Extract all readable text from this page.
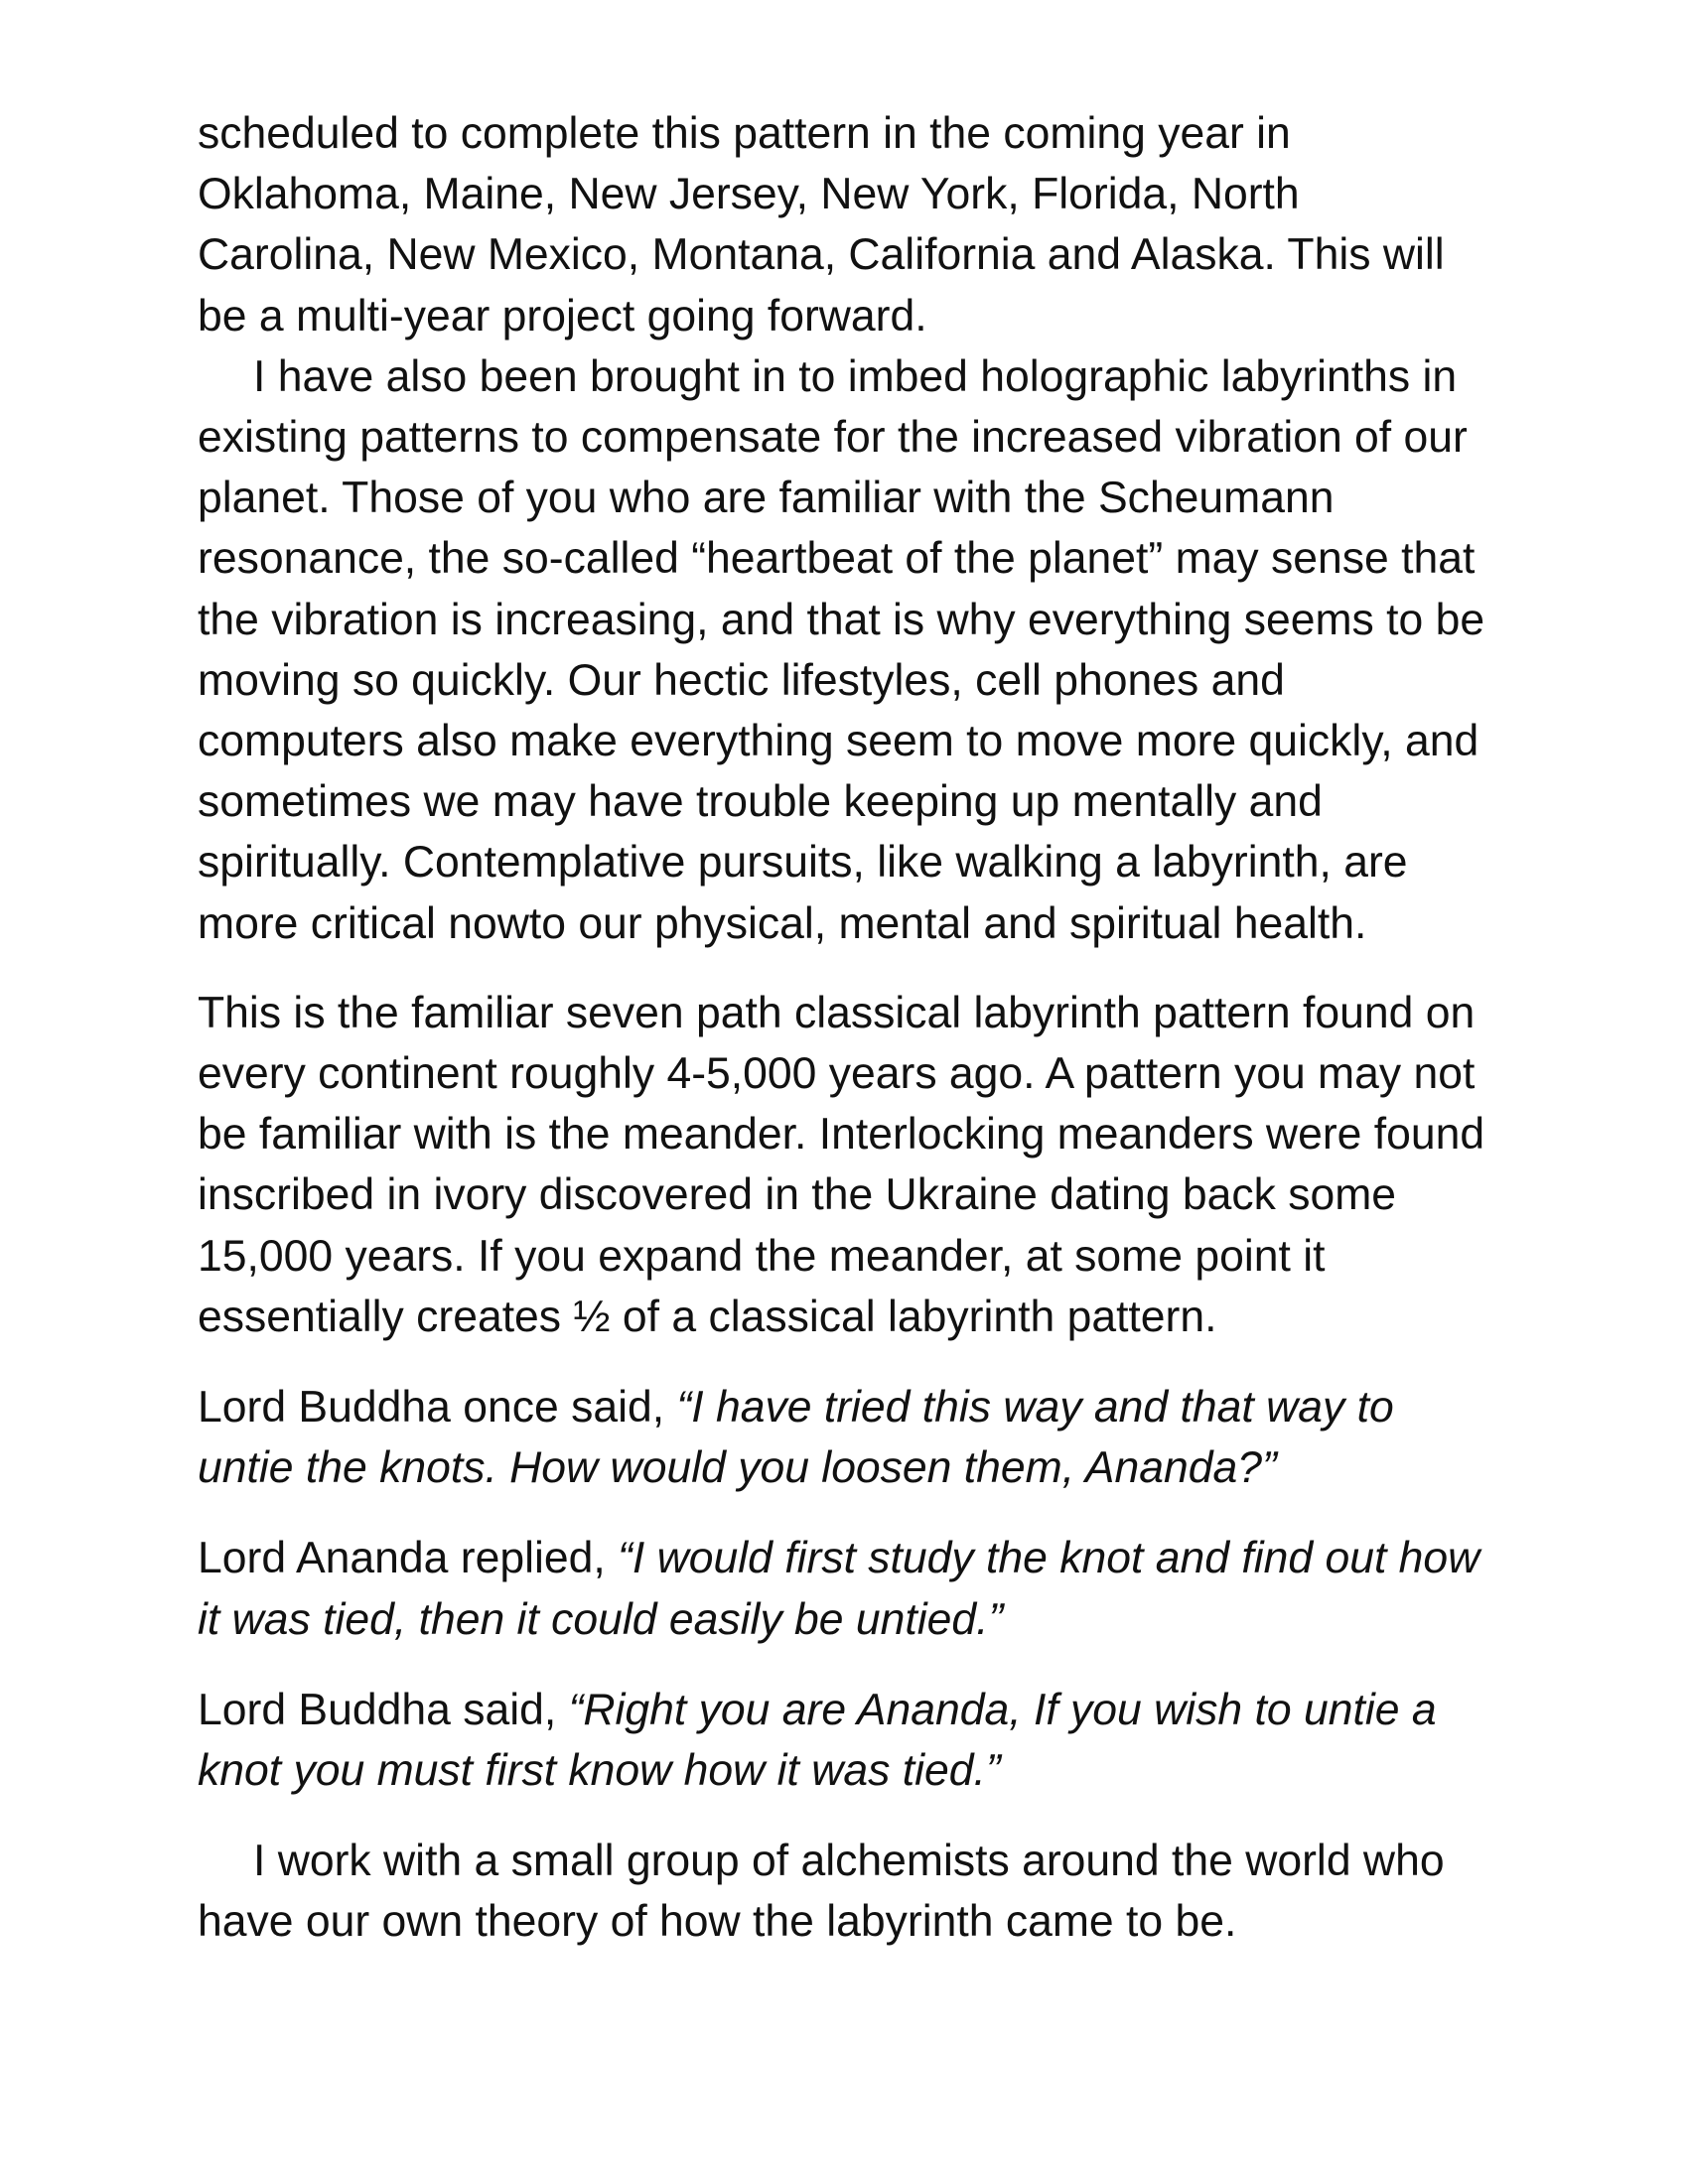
scheduled to complete this pattern in the coming year in Oklahoma, Maine, New Jersey, New York, Florida, North Carolina, New Mexico, Montana, California and Alaska. This will be a multi-year project going forward.

I have also been brought in to imbed holographic labyrinths in existing patterns to compensate for the increased vibration of our planet. Those of you who are familiar with the Scheumann resonance, the so-called “heartbeat of the planet” may sense that the vibration is increasing, and that is why everything seems to be moving so quickly. Our hectic lifestyles, cell phones and computers also make everything seem to move more quickly, and sometimes we may have trouble keeping up mentally and spiritually. Contemplative pursuits, like walking a labyrinth, are more critical nowto our physical, mental and spiritual health.

This is the familiar seven path classical labyrinth pattern found on every continent roughly 4-5,000 years ago. A pattern you may not be familiar with is the meander. Interlocking meanders were found inscribed in ivory discovered in the Ukraine dating back some 15,000 years. If you expand the meander, at some point it essentially creates ½ of a classical labyrinth pattern.

Lord Buddha once said, “I have tried this way and that way to untie the knots. How would you loosen them, Ananda?”

Lord Ananda replied, “I would first study the knot and find out how it was tied, then it could easily be untied.”

Lord Buddha said, “Right you are Ananda, If you wish to untie a knot you must first know how it was tied.”

I work with a small group of alchemists around the world who have our own theory of how the labyrinth came to be.
